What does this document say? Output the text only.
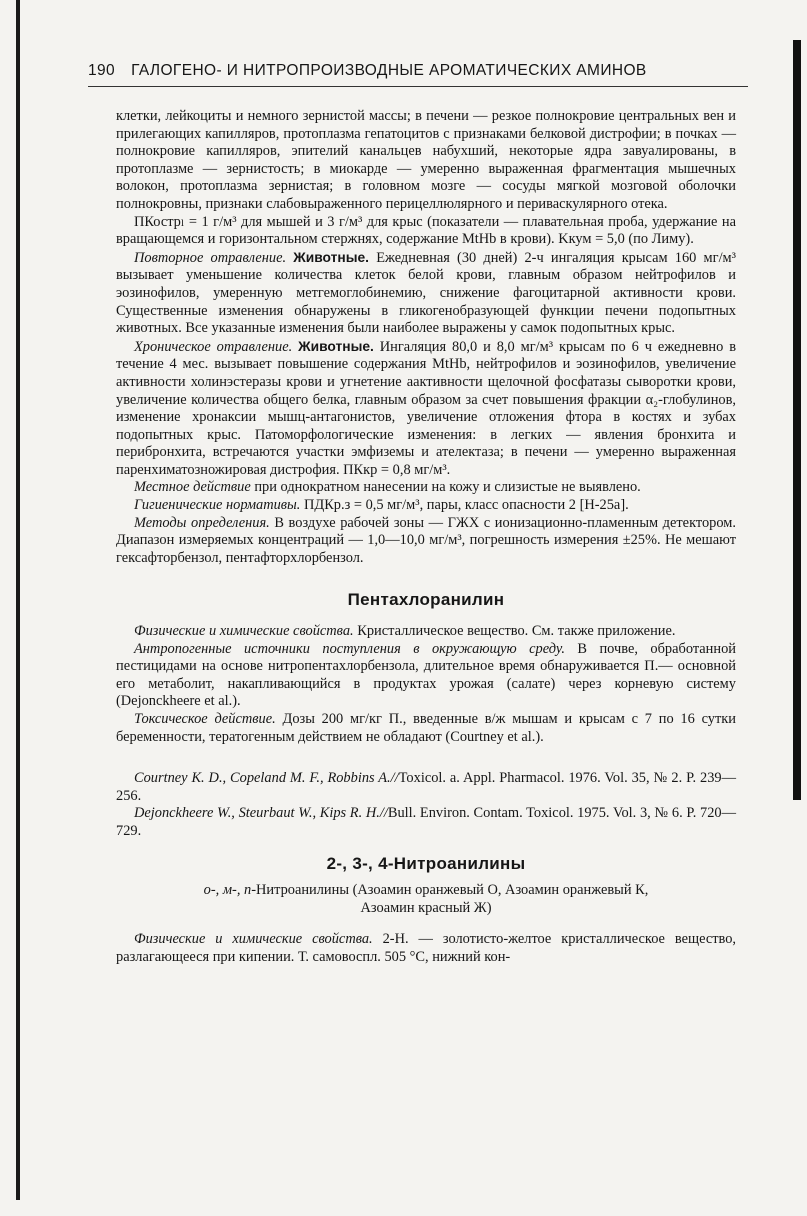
190 ГАЛОГЕНО- И НИТРОПРОИЗВОДНЫЕ АРОМАТИЧЕСКИХ АМИНОВ

клетки, лейкоциты и немного зернистой массы; в печени — резкое полнокровие центральных вен и прилегающих капилляров, протоплазма гепатоцитов с признаками белковой дистрофии; в почках — полнокровие капилляров, эпителий канальцев набухший, некоторые ядра завуалированы, в протоплазме — зернистость; в миокарде — умеренно выраженная фрагментация мышечных волокон, протоплазма зернистая; в головном мозге — сосуды мягкой мозговой оболочки полнокровны, признаки слабовыраженного перицеллюлярного и периваскулярного отека.

ПКострₗ = 1 г/м³ для мышей и 3 г/м³ для крыс (показатели — плавательная проба, удержание на вращающемся и горизонтальном стержнях, содержание MtHb в крови). Kкум = 5,0 (по Лиму).

Повторное отравление. Животные. Ежедневная (30 дней) 2-ч ингаляция крысам 160 мг/м³ вызывает уменьшение количества клеток белой крови, главным образом нейтрофилов и эозинофилов, умеренную метгемоглобинемию, снижение фагоцитарной активности крови. Существенные изменения обнаружены в гликогенобразующей функции печени подопытных животных. Все указанные изменения были наиболее выражены у самок подопытных крыс.

Хроническое отравление. Животные. Ингаляция 80,0 и 8,0 мг/м³ крысам по 6 ч ежедневно в течение 4 мес. вызывает повышение содержания MtHb, нейтрофилов и эозинофилов, увеличение активности холинэстеразы крови и угнетение аактивности щелочной фосфатазы сыворотки крови, увеличение количества общего белка, главным образом за счет повышения фракции α₂-глобулинов, изменение хронаксии мышц-антагонистов, увеличение отложения фтора в костях и зубах подопытных крыс. Патоморфологические изменения: в легких — явления бронхита и перибронхита, встречаются участки эмфиземы и ателектаза; в печени — умеренно выраженная паренхиматозножировая дистрофия. ПКкр = 0,8 мг/м³.

Местное действие при однократном нанесении на кожу и слизистые не выявлено.

Гигиенические нормативы. ПДКр.з = 0,5 мг/м³, пары, класс опасности 2 [Н-25а].

Методы определения. В воздухе рабочей зоны — ГЖХ с ионизационно-пламенным детектором. Диапазон измеряемых концентраций — 1,0—10,0 мг/м³, погрешность измерения ±25%. Не мешают гексафторбензол, пентафторхлорбензол.

Пентахлоранилин

Физические и химические свойства. Кристаллическое вещество. См. также приложение.

Антропогенные источники поступления в окружающую среду. В почве, обработанной пестицидами на основе нитропентахлорбензола, длительное время обнаруживается П.— основной его метаболит, накапливающийся в продуктах урожая (салате) через корневую систему (Dejonckheere et al.).

Токсическое действие. Дозы 200 мг/кг П., введенные в/ж мышам и крысам с 7 по 16 сутки беременности, тератогенным действием не обладают (Courtney et al.).

Courtney K. D., Copeland M. F., Robbins A.//Toxicol. a. Appl. Pharmacol. 1976. Vol. 35, № 2. P. 239—256.

Dejonckheere W., Steurbaut W., Kips R. H.//Bull. Environ. Contam. Toxicol. 1975. Vol. 3, № 6. P. 720—729.

2-, 3-, 4-Нитроанилины

о-, м-, п-Нитроанилины (Азоамин оранжевый О, Азоамин оранжевый К,

Азоамин красный Ж)

Физические и химические свойства. 2-Н. — золотисто-желтое кристаллическое вещество, разлагающееся при кипении. Т. самовоспл. 505 °С, нижний кон-
